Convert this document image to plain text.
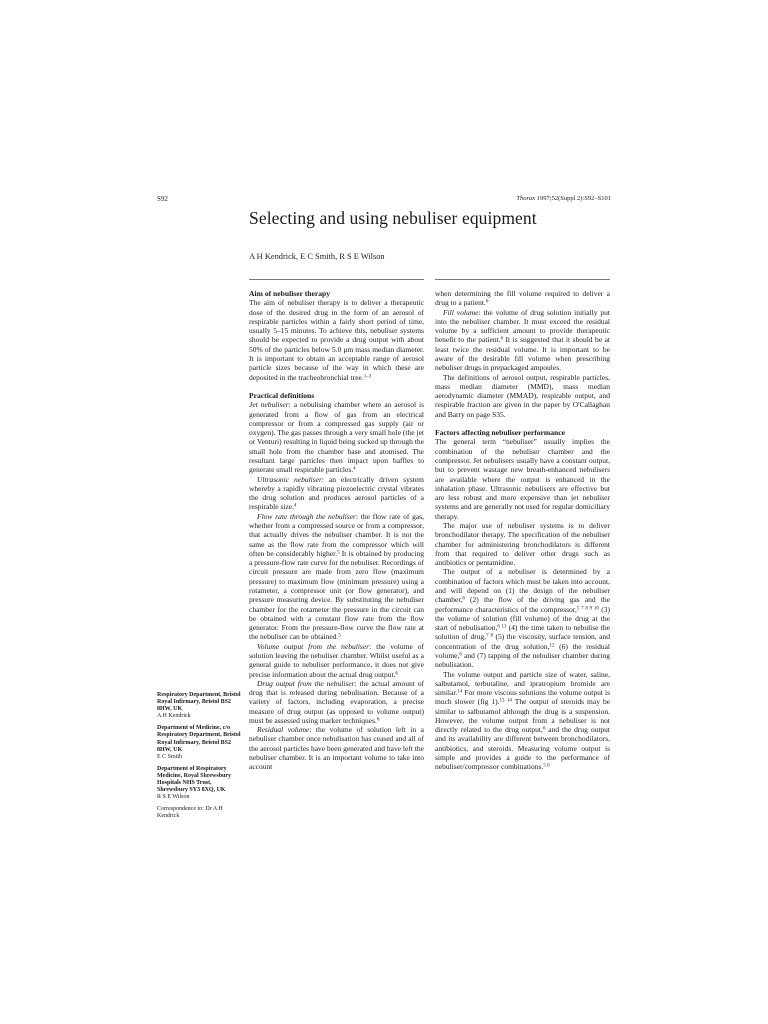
S92	Thorax 1997;52(Suppl 2):S92–S101
Selecting and using nebuliser equipment
A H Kendrick, E C Smith, R S E Wilson
Aim of nebuliser therapy

The aim of nebuliser therapy is to deliver a therapeutic dose of the desired drug in the form of an aerosol of respirable particles within a fairly short period of time, usually 5–15 minutes. To achieve this, nebuliser systems should be expected to provide a drug output with about 50% of the particles below 5.0 μm mass median diameter. It is important to obtain an acceptable range of aerosol particle sizes because of the way in which these are deposited in the tracheobronchial tree.$^{1-3}$

Practical definitions

Jet nebuliser: a nebulising chamber where an aerosol is generated from a flow of gas from an electrical compressor or from a compressed gas supply (air or oxygen). The gas passes through a very small hole (the jet or Venturi) resulting in liquid being sucked up through the small hole from the chamber base and atomised. The resultant large particles then impact upon baffles to generate small respirable particles.$^4$

Ultrasonic nebuliser: an electrically driven system whereby a rapidly vibrating piezoelectric crystal vibrates the drug solution and produces aerosol particles of a respirable size.$^4$

Flow rate through the nebuliser: the flow rate of gas, whether from a compressed source or from a compressor, that actually drives the nebuliser chamber. It is not the same as the flow rate from the compressor which will often be considerably higher.$^5$ It is obtained by producing a pressure-flow rate curve for the nebuliser. Recordings of circuit pressure are made from zero flow (maximum pressure) to maximum flow (minimum pressure) using a rotameter, a compressor unit (or flow generator), and pressure measuring device. By substituting the nebuliser chamber for the rotameter the pressure in the circuit can be obtained with a constant flow rate from the flow generator. From the pressure-flow curve the flow rate at the nebuliser can be obtained.$^5$

Volume output from the nebuliser: the volume of solution leaving the nebuliser chamber. Whilst useful as a general guide to nebuliser performance, it does not give precise information about the actual drug output.$^6$

Drug output from the nebuliser: the actual amount of drug that is released during nebulisation. Because of a variety of factors, including evaporation, a precise measure of drug output (as opposed to volume output) must be assessed using marker techniques.$^6$

Residual volume: the volume of solution left in a nebuliser chamber once nebulisation has ceased and all of the aerosol particles have been generated and have left the nebuliser chamber. It is an important volume to take into account

when determining the fill volume required to deliver a drug to a patient.$^6$

Fill volume: the volume of drug solution initially put into the nebuliser chamber. It must exceed the residual volume by a sufficient amount to provide therapeutic benefit to the patient.$^6$ It is suggested that it should be at least twice the residual volume. It is important to be aware of the desirable fill volume when prescribing nebuliser drugs in prepackaged ampoules.

The definitions of aerosol output, respirable particles, mass median diameter (MMD), mass median aerodynamic diameter (MMAD), respirable output, and respirable fraction are given in the paper by O'Callaghan and Barry on page S35.

Factors affecting nebuliser performance

The general term “nebuliser” usually implies the combination of the nebuliser chamber and the compressor. Jet nebulisers usually have a constant output, but to prevent wastage new breath-enhanced nebulisers are available where the output is enhanced in the inhalation phase. Ultrasonic nebulisers are effective but are less robust and more expensive than jet nebuliser systems and are generally not used for regular domiciliary therapy.

The major use of nebuliser systems is to deliver bronchodilator therapy. The specification of the nebuliser chamber for administering bronchodilators is different from that required to deliver other drugs such as antibiotics or pentamidine.

The output of a nebuliser is determined by a combination of factors which must be taken into account, and will depend on (1) the design of the nebuliser chamber,$^6$ (2) the flow of the driving gas and the performance characteristics of the compressor,$^{5 7 8 9 10}$ (3) the volume of solution (fill volume) of the drug at the start of nebulisation,$^{6 11}$ (4) the time taken to nebulise the solution of drug,$^{7 8}$ (5) the viscosity, surface tension, and concentration of the drug solution,$^{12}$ (6) the residual volume,$^6$ and (7) tapping of the nebuliser chamber during nebulisation.

The volume output and particle size of water, saline, salbutamol, terbutaline, and ipratropium bromide are similar.$^{14}$ For more viscous solutions the volume output is much slower (fig 1).$^{13 14}$ The output of steroids may be similar to salbutamol although the drug is a suspension. However, the volume output from a nebuliser is not directly related to the drug output,$^6$ and the drug output and its availability are different between bronchodilators, antibiotics, and steroids. Measuring volume output is simple and provides a guide to the performance of nebuliser/compressor combinations.$^{5 6}$

Respiratory Department, Bristol Royal Infirmary, Bristol BS2 8HW, UK
A H Kendrick
Department of Medicine, c/o Respiratory Department, Bristol Royal Infirmary, Bristol BS2 8HW, UK
E C Smith
Department of Respiratory Medicine, Royal Shrewsbury Hospitals NHS Trust, Shrewsbury SY3 8XQ, UK
R S E Wilson
Correspondence to: Dr A H Kendrick
